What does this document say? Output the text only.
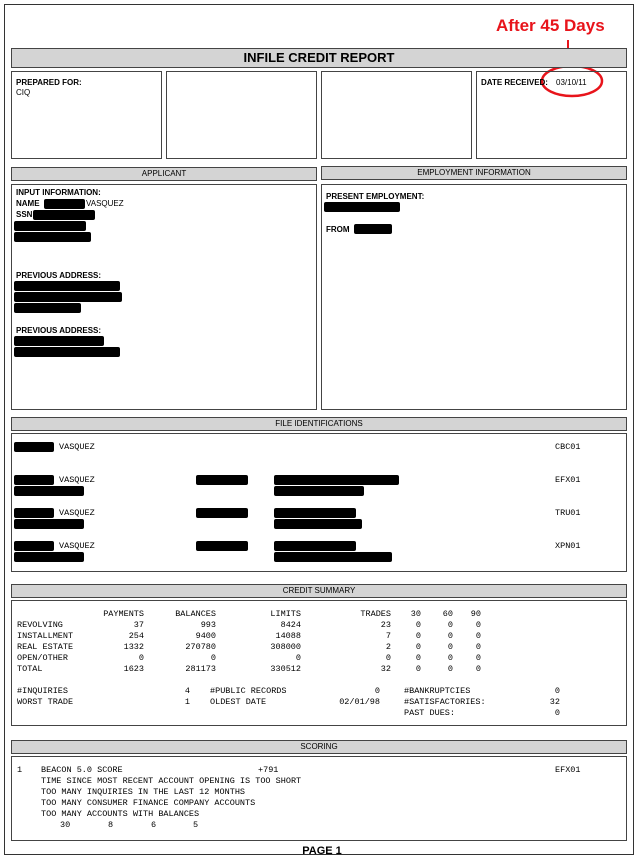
After 45 Days
INFILE CREDIT REPORT
PREPARED FOR:
CIQ
DATE RECEIVED: 03/10/11
APPLICANT	EMPLOYMENT INFORMATION
INPUT INFORMATION:
NAME	VASQUEZ
SSN
PREVIOUS ADDRESS:
PREVIOUS ADDRESS:
PRESENT EMPLOYMENT:
FROM
FILE IDENTIFICATIONS
VASQUEZ	CBC01
VASQUEZ	EFX01
VASQUEZ	TRU01
VASQUEZ	XPN01
CREDIT SUMMARY
PAYMENTS	BALANCES	LIMITS	TRADES	30	60	90
REVOLVING	37	993	8424	23	0	0	0
INSTALLMENT	254	9400	14088	7	0	0	0
REAL ESTATE	1332	270780	308000	2	0	0	0
OPEN/OTHER	0	0	0	0	0	0	0
TOTAL	1623	281173	330512	32	0	0	0
#INQUIRIES	4
WORST TRADE	1
#PUBLIC RECORDS	0
OLDEST DATE	02/01/98
#BANKRUPTCIES	0
#SATISFACTORIES:	32
PAST DUES:	0
SCORING
1 BEACON 5.0 SCORE	+791	EFX01
TIME SINCE MOST RECENT ACCOUNT OPENING IS TOO SHORT
TOO MANY INQUIRIES IN THE LAST 12 MONTHS
TOO MANY CONSUMER FINANCE COMPANY ACCOUNTS
TOO MANY ACCOUNTS WITH BALANCES
30	8	6	5
PAGE 1
